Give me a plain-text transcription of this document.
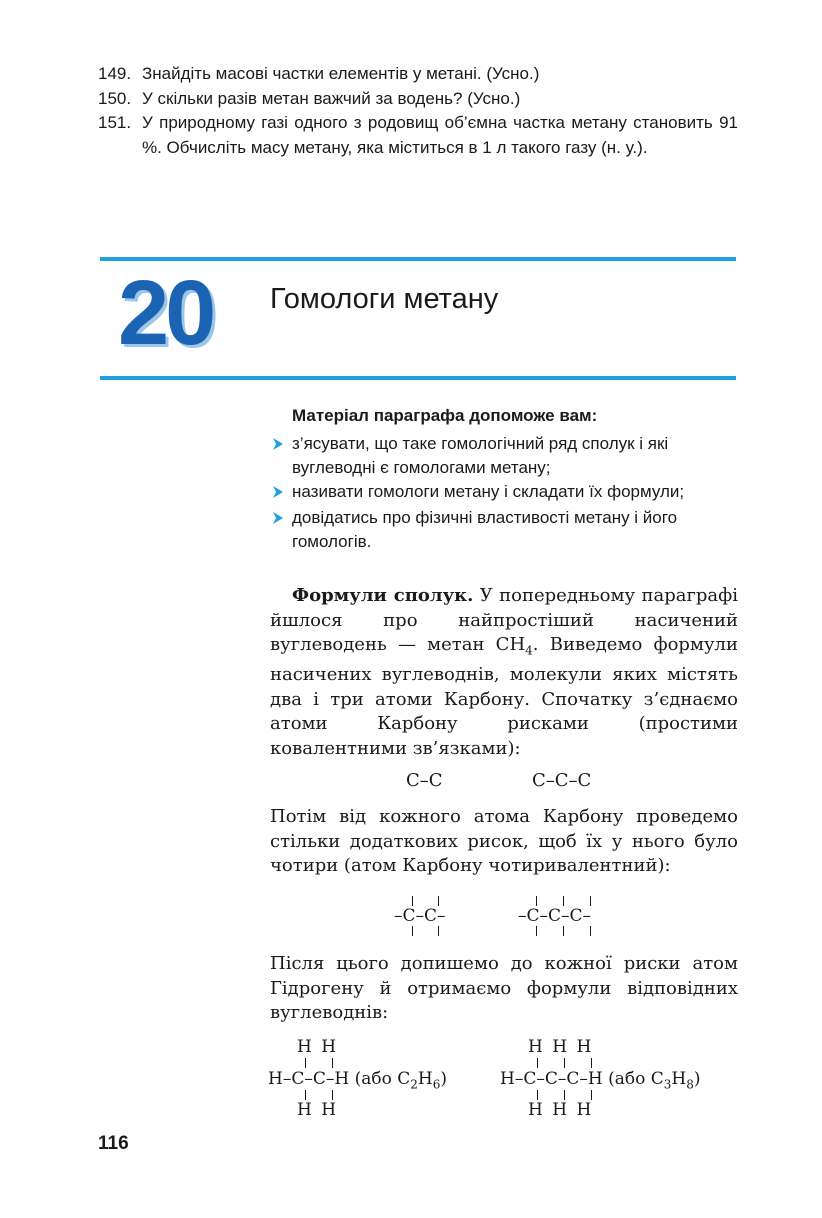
149. Знайдіть масові частки елементів у метані. (Усно.)
150. У скільки разів метан важчий за водень? (Усно.)
151. У природному газі одного з родовищ об’ємна частка метану становить 91 %. Обчисліть масу метану, яка міститься в 1 л такого газу (н. у.).
20 Гомологи метану
Матеріал параграфа допоможе вам:
з’ясувати, що таке гомологічний ряд сполук і які вуглеводні є гомологами метану;
називати гомологи метану і складати їх формули;
довідатись про фізичні властивості метану і його гомологів.
Формули сполук. У попередньому параграфі йшлося про найпростіший насичений вуглеводень — метан $CH_4$. Виведемо формули насичених вуглеводнів, молекули яких містять два і три атоми Карбону. Спочатку з’єднаємо атоми Карбону рисками (простими ковалентними зв’язками):
C–C	C–C–C
Потім від кожного атома Карбону проведемо стільки додаткових рисок, щоб їх у нього було чотири (атом Карбону чотиривалентний):
–C–C–	–C–C–C–
Після цього допишемо до кожної риски атом Гідрогену й отримаємо формули відповідних вуглеводнів:
H H
H–C–C–H (або $C_2H_6$)
H H
H H H
H–C–C–C–H (або $C_3H_8$)
H H H
116
